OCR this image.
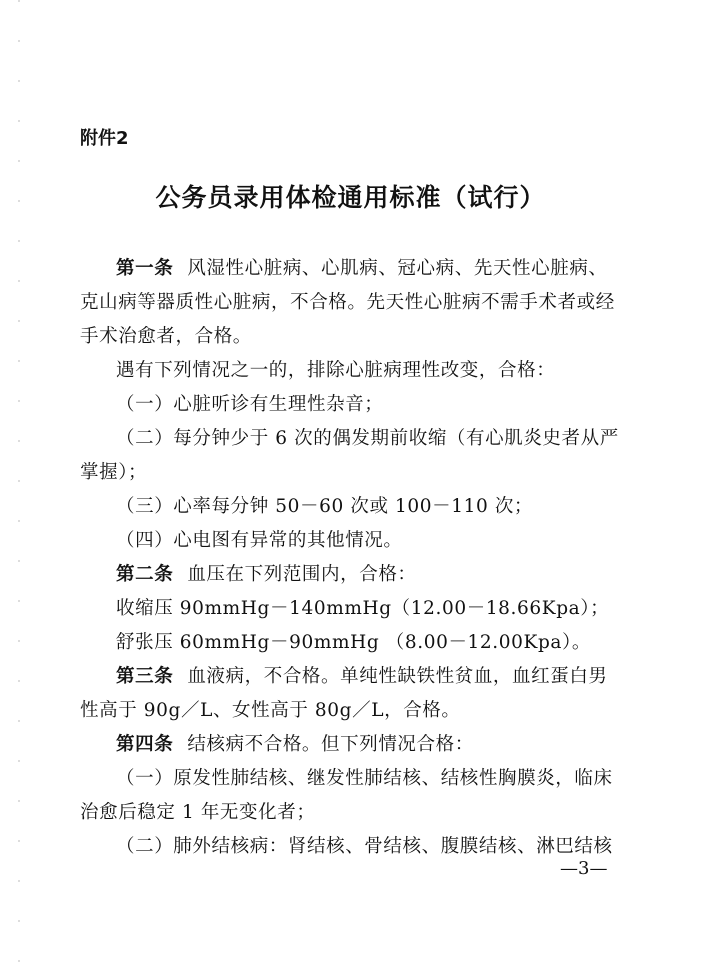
附件2
公务员录用体检通用标准（试行）
第一条 风湿性心脏病、心肌病、冠心病、先天性心脏病、
克山病等器质性心脏病，不合格。先天性心脏病不需手术者或经
手术治愈者，合格。
遇有下列情况之一的，排除心脏病理性改变，合格：
（一）心脏听诊有生理性杂音；
（二）每分钟少于 6 次的偶发期前收缩（有心肌炎史者从严
掌握）；
（三）心率每分钟 50－60 次或 100－110 次；
（四）心电图有异常的其他情况。
第二条 血压在下列范围内，合格：
收缩压 90mmHg－140mmHg（12.00－18.66Kpa）；
舒张压 60mmHg－90mmHg （8.00－12.00Kpa）。
第三条 血液病，不合格。单纯性缺铁性贫血，血红蛋白男
性高于 90g／L、女性高于 80g／L，合格。
第四条 结核病不合格。但下列情况合格：
（一）原发性肺结核、继发性肺结核、结核性胸膜炎，临床
治愈后稳定 1 年无变化者；
（二）肺外结核病：肾结核、骨结核、腹膜结核、淋巴结核
—3—
